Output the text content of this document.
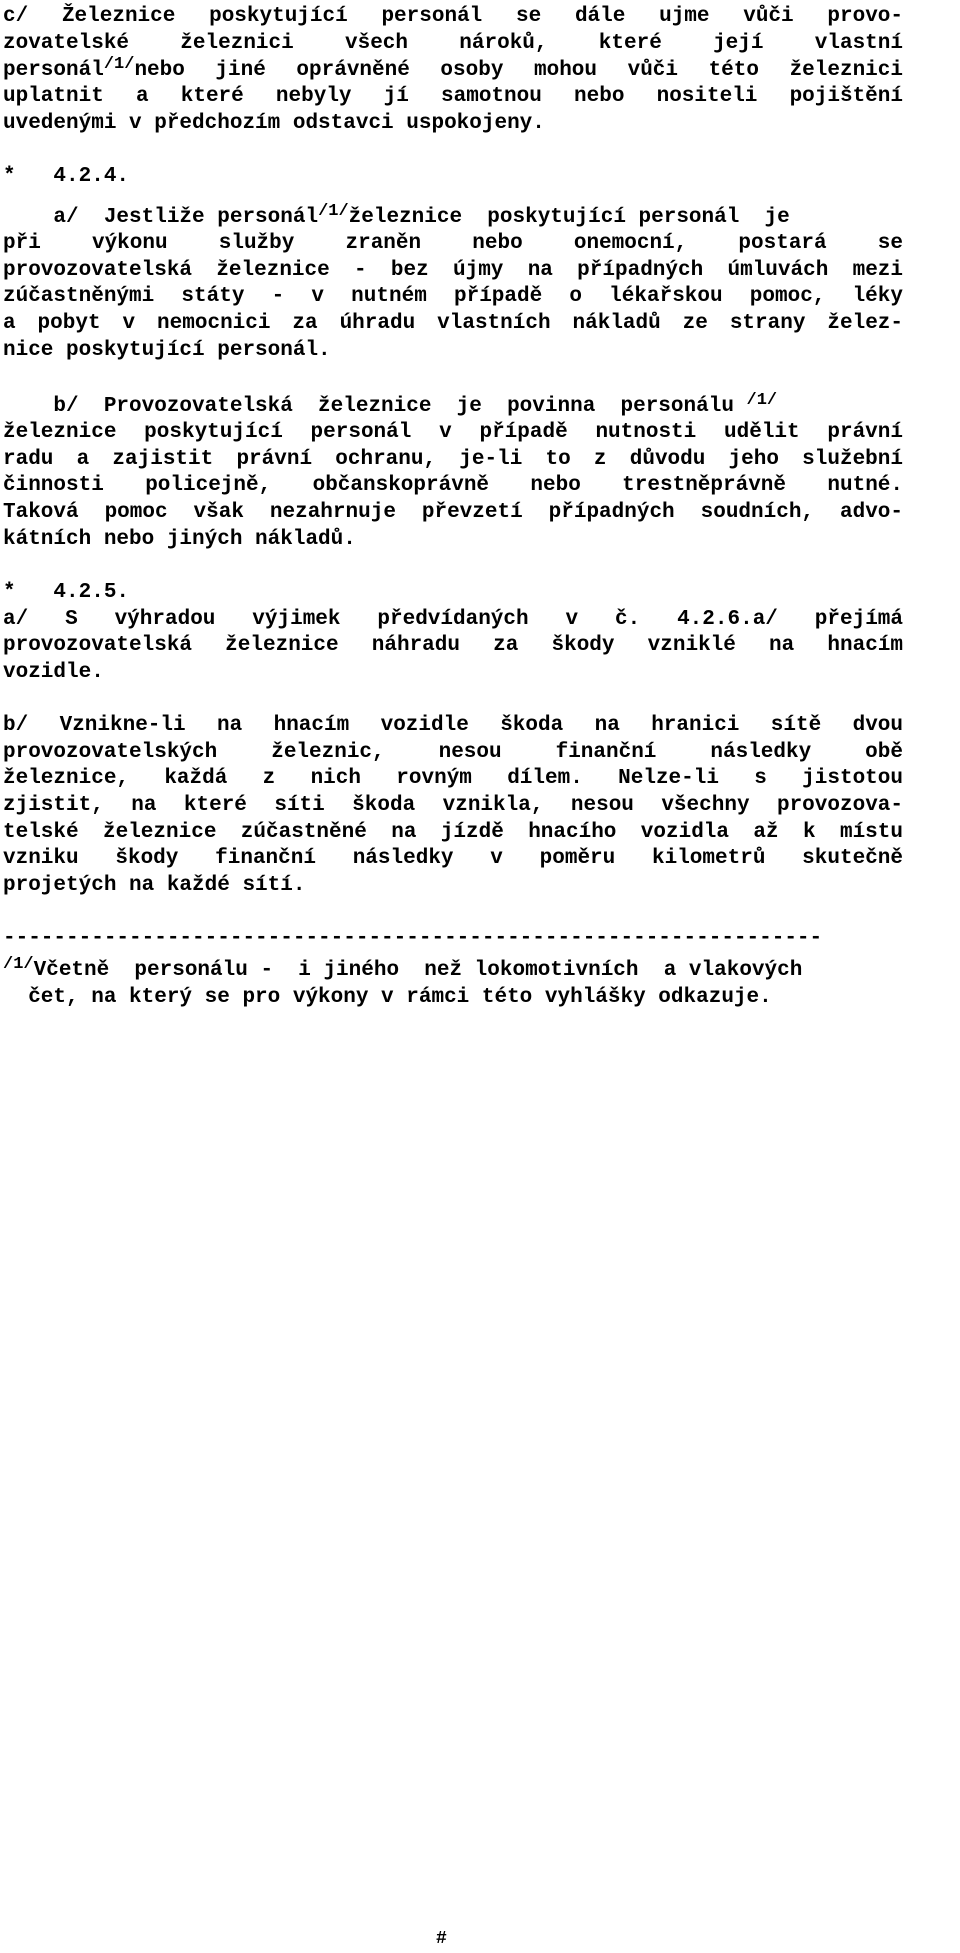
c/ Železnice poskytující personál se dále ujme vůči provo-
zovatelské železnici všech nároků, které její vlastní
personál$^{/1/}$nebo jiné oprávněné osoby mohou vůči této železnici
uplatnit a které nebyly jí samotnou nebo nositeli pojištění
uvedenými v předchozím odstavci uspokojeny.
*   4.2.4.
a/  Jestliže personál$^{/1/}$železnice  poskytující personál  je
při výkonu služby zraněn nebo onemocní, postará se
provozovatelská železnice - bez újmy na případných úmluvách mezi
zúčastněnými státy - v nutném případě o lékařskou pomoc, léky
a pobyt v nemocnici za úhradu vlastních nákladů ze strany želez-
nice poskytující personál.
b/  Provozovatelská  železnice  je  povinna  personálu $^{/1/}$
železnice poskytující personál v případě nutnosti udělit právní
radu a zajistit právní ochranu, je-li to z důvodu jeho služební
činnosti policejně, občanskoprávně nebo trestněprávně nutné.
Taková pomoc však nezahrnuje převzetí případných soudních, advo-
kátních nebo jiných nákladů.
*   4.2.5.
a/ S výhradou výjimek předvídaných v č. 4.2.6.a/ přejímá
provozovatelská železnice náhradu za škody vzniklé na hnacím
vozidle.
b/ Vznikne-li na hnacím vozidle škoda na hranici sítě dvou
provozovatelských železnic, nesou finanční následky obě
železnice, každá z nich rovným dílem. Nelze-li s jistotou
zjistit, na které síti škoda vznikla, nesou všechny provozova-
telské železnice zúčastněné na jízdě hnacího vozidla až k místu
vzniku škody finanční následky v poměru kilometrů skutečně
projetých na každé sítí.
-----------------------------------------------------------------
$^{/1/}$Včetně  personálu -  i jiného  než lokomotivních  a vlakových
čet, na který se pro výkony v rámci této vyhlášky odkazuje.
#
